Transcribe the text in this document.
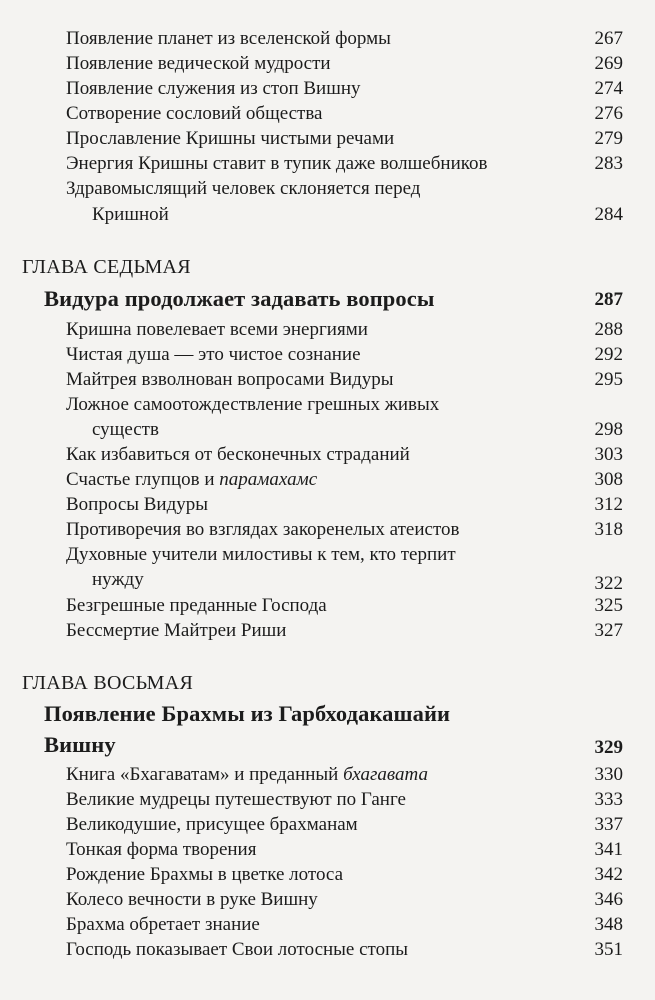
Появление планет из вселенской формы	267
Появление ведической мудрости	269
Появление служения из стоп Вишну	274
Сотворение сословий общества	276
Прославление Кришны чистыми речами	279
Энергия Кришны ставит в тупик даже волшебников	283
Здравомыслящий человек склоняется перед
Кришной	284
ГЛАВА СЕДЬМАЯ
Видура продолжает задавать вопросы	287
Кришна повелевает всеми энергиями	288
Чистая душа — это чистое сознание	292
Майтрея взволнован вопросами Видуры	295
Ложное самоотождествление грешных живых
существ	298
Как избавиться от бесконечных страданий	303
Счастье глупцов и парамахамс	308
Вопросы Видуры	312
Противоречия во взглядах закоренелых атеистов	318
Духовные учители милостивы к тем, кто терпит
нужду	322
Безгрешные преданные Господа	325
Бессмертие Майтреи Риши	327
ГЛАВА ВОСЬМАЯ
Появление Брахмы из Гарбходакашайи
Вишну	329
Книга «Бхагаватам» и преданный бхагавата	330
Великие мудрецы путешествуют по Ганге	333
Великодушие, присущее брахманам	337
Тонкая форма творения	341
Рождение Брахмы в цветке лотоса	342
Колесо вечности в руке Вишну	346
Брахма обретает знание	348
Господь показывает Свои лотосные стопы	351
